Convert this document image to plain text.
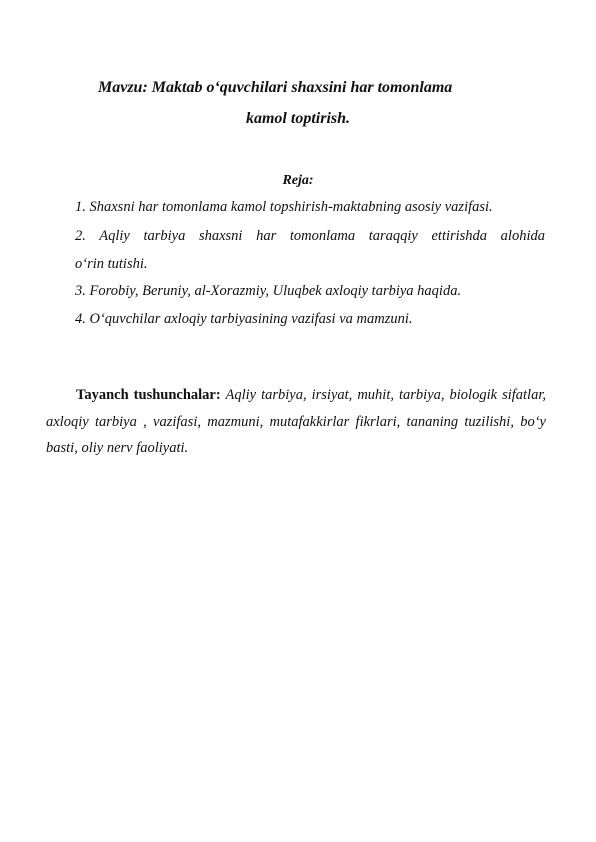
Mavzu: Maktab o‘quvchilari shaxsini har tomonlama
kamol toptirish.
Reja:
1. Shaxsni har tomonlama kamol topshirish-maktabning asosiy vazifasi.
2. Aqliy tarbiya shaxsni har tomonlama taraqqiy ettirishda alohida
o‘rin tutishi.
3. Forobiy, Beruniy, al-Xorazmiy, Uluqbek axloqiy tarbiya haqida.
4. O‘quvchilar axloqiy tarbiyasining vazifasi va mamzuni.
Tayanch tushunchalar: Aqliy tarbiya, irsiyat, muhit, tarbiya, biologik sifatlar, axloqiy tarbiya , vazifasi, mazmuni, mutafakkirlar fikrlari, tananing tuzilishi, bo‘y basti, oliy nerv faoliyati.
